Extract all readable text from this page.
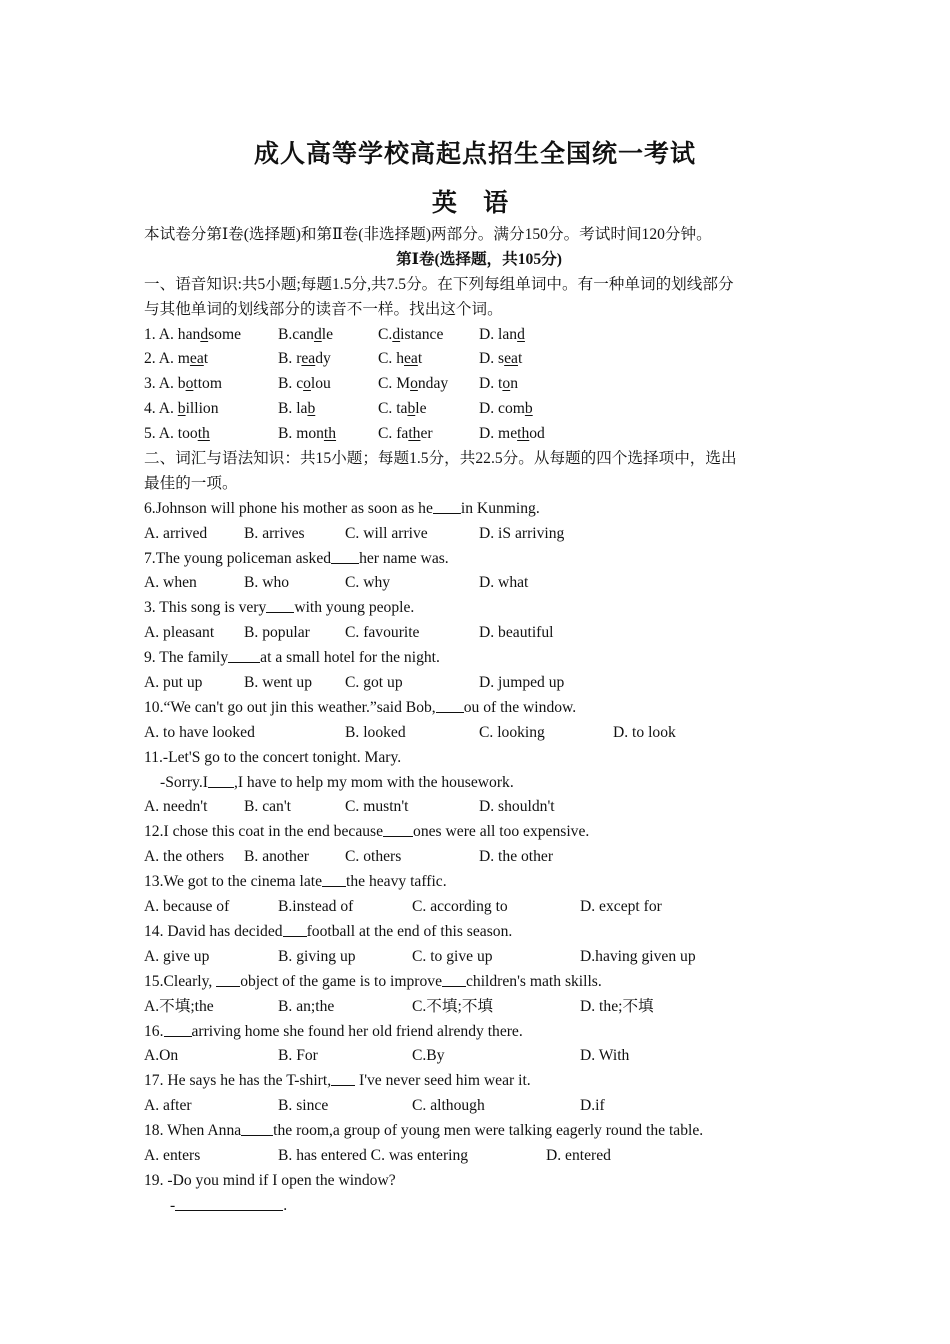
成人高等学校高起点招生全国统一考试
英 语
本试卷分第Ⅰ卷(选择题)和第Ⅱ卷(非选择题)两部分。满分150分。考试时间120分钟。
第Ⅰ卷(选择题，共105分)
一、语音知识:共5小题;每题1.5分,共7.5分。在下列每组单词中。有一种单词的划线部分
与其他单词的划线部分的读音不一样。找出这个词。
1. A. handsome B.candle	C.distance D. land
2. A. meat	B. ready	C. heat	D. seat
3. A. bottom	B. colou	C. Monday D. ton
4. A. billion	B. lab	C. table	D. comb
5. A. tooth	B. month	C. father	D. method
二、词汇与语法知识：共15小题；每题1.5分，共22.5分。从每题的四个选择项中，选出
最佳的一项。
6.Johnson will phone his mother as soon as he in Kunming.
A. arrived B. arrives	C. will arrive	D. iS arriving
7.The young policeman asked her name was.
A. when	B. who	C. why	D. what
3. This song is very with young people.
A. pleasant B. popular C. favourite	D. beautiful
9. The family at a small hotel for the night.
A. put up	B. went up C. got up	D. jumped up
10.“We can't go out jin this weather.”said Bob, ou of the window.
A. to have looked	B. looked	C. looking	D. to look
11.-Let'S go to the concert tonight. Mary.
-Sorry.I ,I have to help my mom with the housework.
A. needn't B. can't	C. mustn't	D. shouldn't
12.I chose this coat in the end because ones were all too expensive.
A. the others B. another C. others	D. the other
13.We got to the cinema late the heavy taffic.
A. because of	B.instead of	C. according to	D. except for
14. David has decided football at the end of this season.
A. give up	B. giving up	C. to give up	D.having given up
15.Clearly, object of the game is to improve children's math skills.
A.不填;the	B. an;the	C.不填;不填	D. the;不填
16. arriving home she found her old friend alrendy there.
A.On	B. For	C.By	D. With
17. He says he has the T-shirt, I've never seed him wear it.
A. after	B. since	C. although	D.if
18. When Anna the room,a group of young men were talking eagerly round the table.
A. enters	B. has entered C. was entering	D. entered
19. -Do you mind if I open the window?
-	.
